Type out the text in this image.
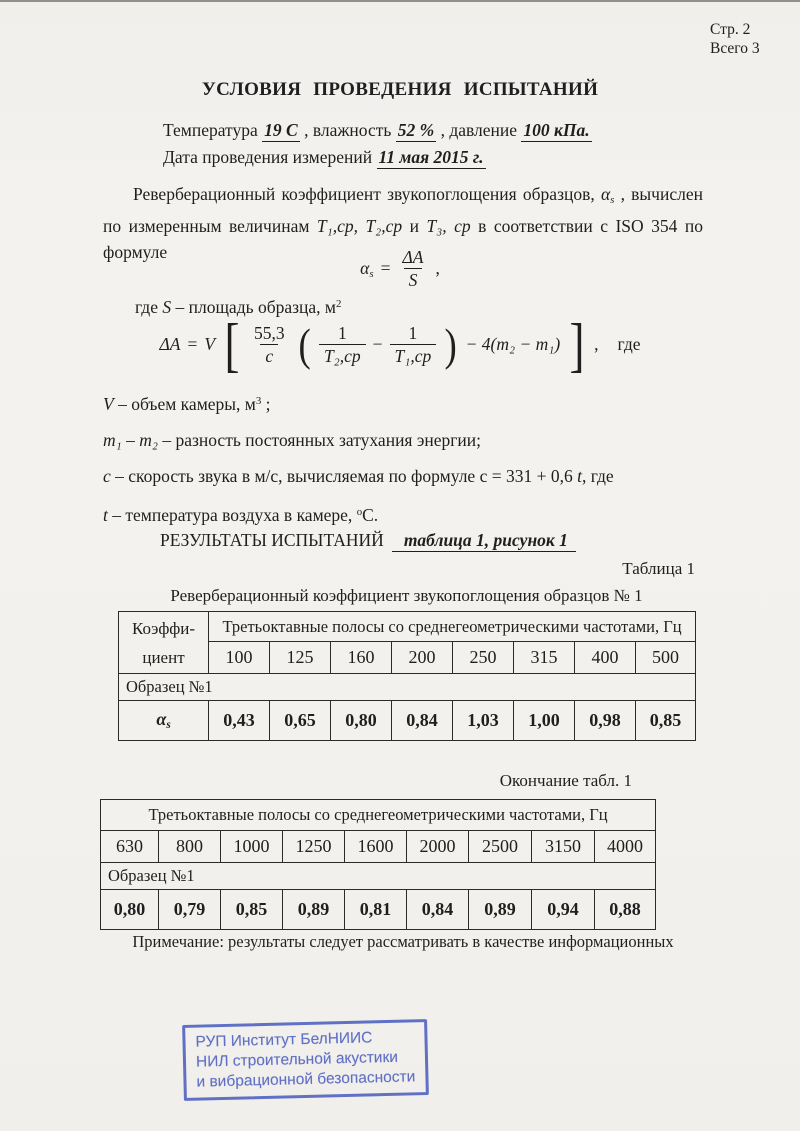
Стр. 2
Всего 3
УСЛОВИЯ ПРОВЕДЕНИЯ ИСПЫТАНИЙ
Температура 19 С , влажность 52 % , давление 100 кПа.
Дата проведения измерений 11 мая 2015 г.
Реверберационный коэффициент звукопоглощения образцов, $\alpha_s$ , вычислен по измеренным величинам T₁,ср, T₂,ср и T₃, ср в соответствии с ISO 354 по формуле
$\alpha_s = \frac{\Delta A}{S}$ ,
где S – площадь образца, $м^2$
ΔA = V [ $\frac{55,3}{c}$ ( $\frac{1}{\text{T₂,ср}} - \frac{1}{\text{T₁,ср}}$ ) − 4(m₂ − m₁) ] , где
V – объем камеры, $м^3$ ;
m₁ – m₂ – разность постоянных затухания энергии;
c – скорость звука в м/с, вычисляемая по формуле с = 331 + 0,6 t, где
t – температура воздуха в камере, $^о$С.
РЕЗУЛЬТАТЫ ИСПЫТАНИЙ таблица 1, рисунок 1
Таблица 1
Реверберационный коэффициент звукопоглощения образцов № 1
Коэффи-
циент	Третьоктавные полосы со среднегеометрическими частотами, Гц							
	100	125	160	200	250	315	400	500
Образец №1								
$\alpha_s$	0,43	0,65	0,80	0,84	1,03	1,00	0,98	0,85
Окончание табл. 1
Третьоктавные полосы со среднегеометрическими частотами, Гц								
630	800	1000	1250	1600	2000	2500	3150	4000
Образец №1								
0,80	0,79	0,85	0,89	0,81	0,84	0,89	0,94	0,88
Примечание: результаты следует рассматривать в качестве информационных
РУП Институт БелНИИС
НИЛ строительной акустики
и вибрационной безопасности
